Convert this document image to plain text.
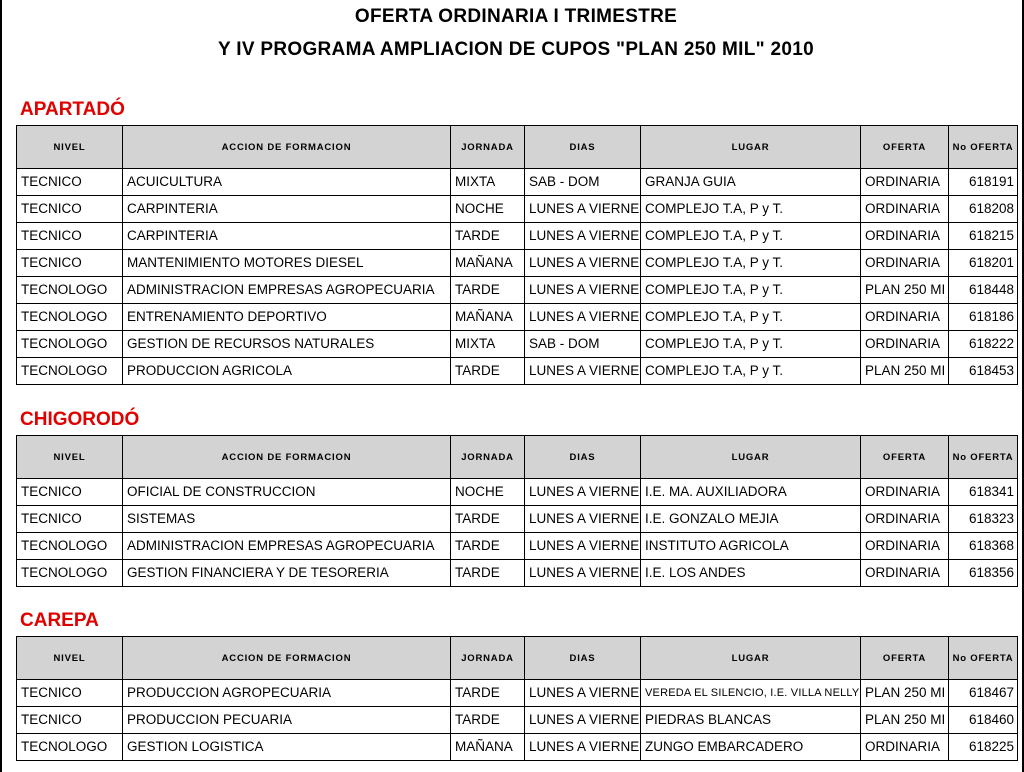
OFERTA ORDINARIA I TRIMESTRE
Y IV PROGRAMA AMPLIACION DE CUPOS "PLAN 250 MIL" 2010
APARTADÓ
NIVEL	ACCION DE FORMACION	JORNADA	DIAS	LUGAR	OFERTA	No OFERTA
TECNICO	ACUICULTURA	MIXTA	SAB - DOM	GRANJA GUIA	ORDINARIA	618191
TECNICO	CARPINTERIA	NOCHE	LUNES A VIERNE	COMPLEJO T.A, P y T.	ORDINARIA	618208
TECNICO	CARPINTERIA	TARDE	LUNES A VIERNE	COMPLEJO T.A, P y T.	ORDINARIA	618215
TECNICO	MANTENIMIENTO MOTORES DIESEL	MAÑANA	LUNES A VIERNE	COMPLEJO T.A, P y T.	ORDINARIA	618201
TECNOLOGO	ADMINISTRACION EMPRESAS AGROPECUARIA	TARDE	LUNES A VIERNE	COMPLEJO T.A, P y T.	PLAN 250 MI	618448
TECNOLOGO	ENTRENAMIENTO DEPORTIVO	MAÑANA	LUNES A VIERNE	COMPLEJO T.A, P y T.	ORDINARIA	618186
TECNOLOGO	GESTION DE RECURSOS NATURALES	MIXTA	SAB - DOM	COMPLEJO T.A, P y T.	ORDINARIA	618222
TECNOLOGO	PRODUCCION AGRICOLA	TARDE	LUNES A VIERNE	COMPLEJO T.A, P y T.	PLAN 250 MI	618453
CHIGORODÓ
NIVEL	ACCION DE FORMACION	JORNADA	DIAS	LUGAR	OFERTA	No OFERTA
TECNICO	OFICIAL DE CONSTRUCCION	NOCHE	LUNES A VIERNE	I.E. MA. AUXILIADORA	ORDINARIA	618341
TECNICO	SISTEMAS	TARDE	LUNES A VIERNE	I.E. GONZALO MEJIA	ORDINARIA	618323
TECNOLOGO	ADMINISTRACION EMPRESAS AGROPECUARIA	TARDE	LUNES A VIERNE	INSTITUTO AGRICOLA	ORDINARIA	618368
TECNOLOGO	GESTION FINANCIERA Y DE TESORERIA	TARDE	LUNES A VIERNE	I.E. LOS ANDES	ORDINARIA	618356
CAREPA
NIVEL	ACCION DE FORMACION	JORNADA	DIAS	LUGAR	OFERTA	No OFERTA
TECNICO	PRODUCCION AGROPECUARIA	TARDE	LUNES A VIERNE	VEREDA EL SILENCIO, I.E. VILLA NELLY	PLAN 250 MI	618467
TECNICO	PRODUCCION PECUARIA	TARDE	LUNES A VIERNE	PIEDRAS BLANCAS	PLAN 250 MI	618460
TECNOLOGO	GESTION LOGISTICA	MAÑANA	LUNES A VIERNE	ZUNGO EMBARCADERO	ORDINARIA	618225
